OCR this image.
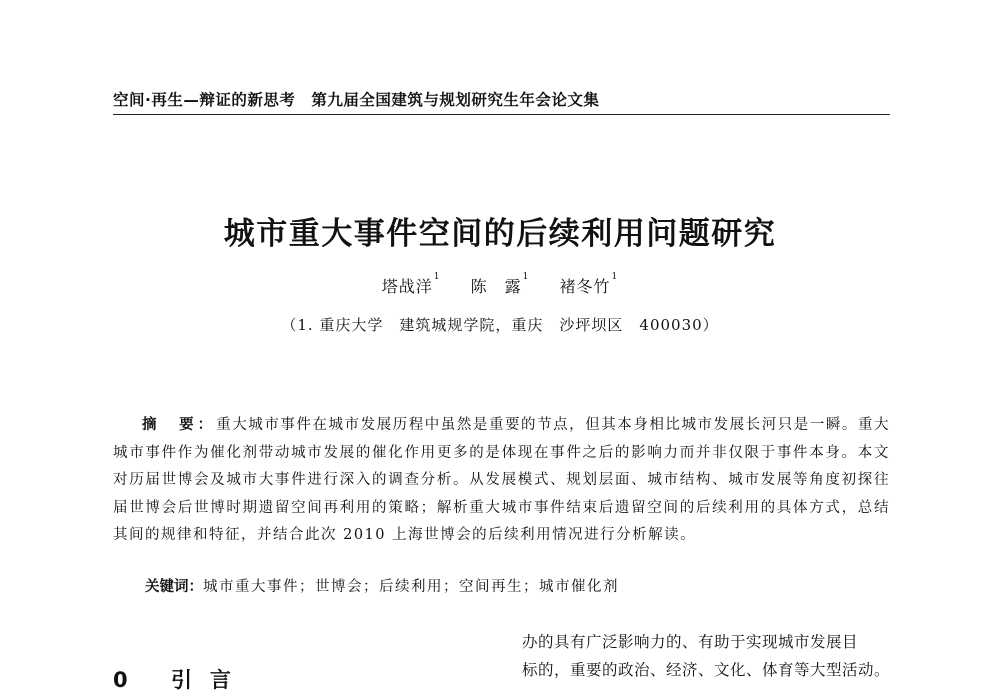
空间·再生—辩证的新思考 第九届全国建筑与规划研究生年会论文集
城市重大事件空间的后续利用问题研究
塔战洋$^1$ 陈　露$^1$ 褚冬竹$^1$
（1. 重庆大学　建筑城规学院，重庆　沙坪坝区　400030）
摘　要：重大城市事件在城市发展历程中虽然是重要的节点，但其本身相比城市发展长河只是一瞬。重大城市事件作为催化剂带动城市发展的催化作用更多的是体现在事件之后的影响力而并非仅限于事件本身。本文对历届世博会及城市大事件进行深入的调查分析。从发展模式、规划层面、城市结构、城市发展等角度初探往届世博会后世博时期遗留空间再利用的策略；解析重大城市事件结束后遗留空间的后续利用的具体方式，总结其间的规律和特征，并结合此次 2010 上海世博会的后续利用情况进行分析解读。
关键词：城市重大事件；世博会；后续利用；空间再生；城市催化剂
办的具有广泛影响力的、有助于实现城市发展目
标的，重要的政治、经济、文化、体育等大型活动。
0 引言
